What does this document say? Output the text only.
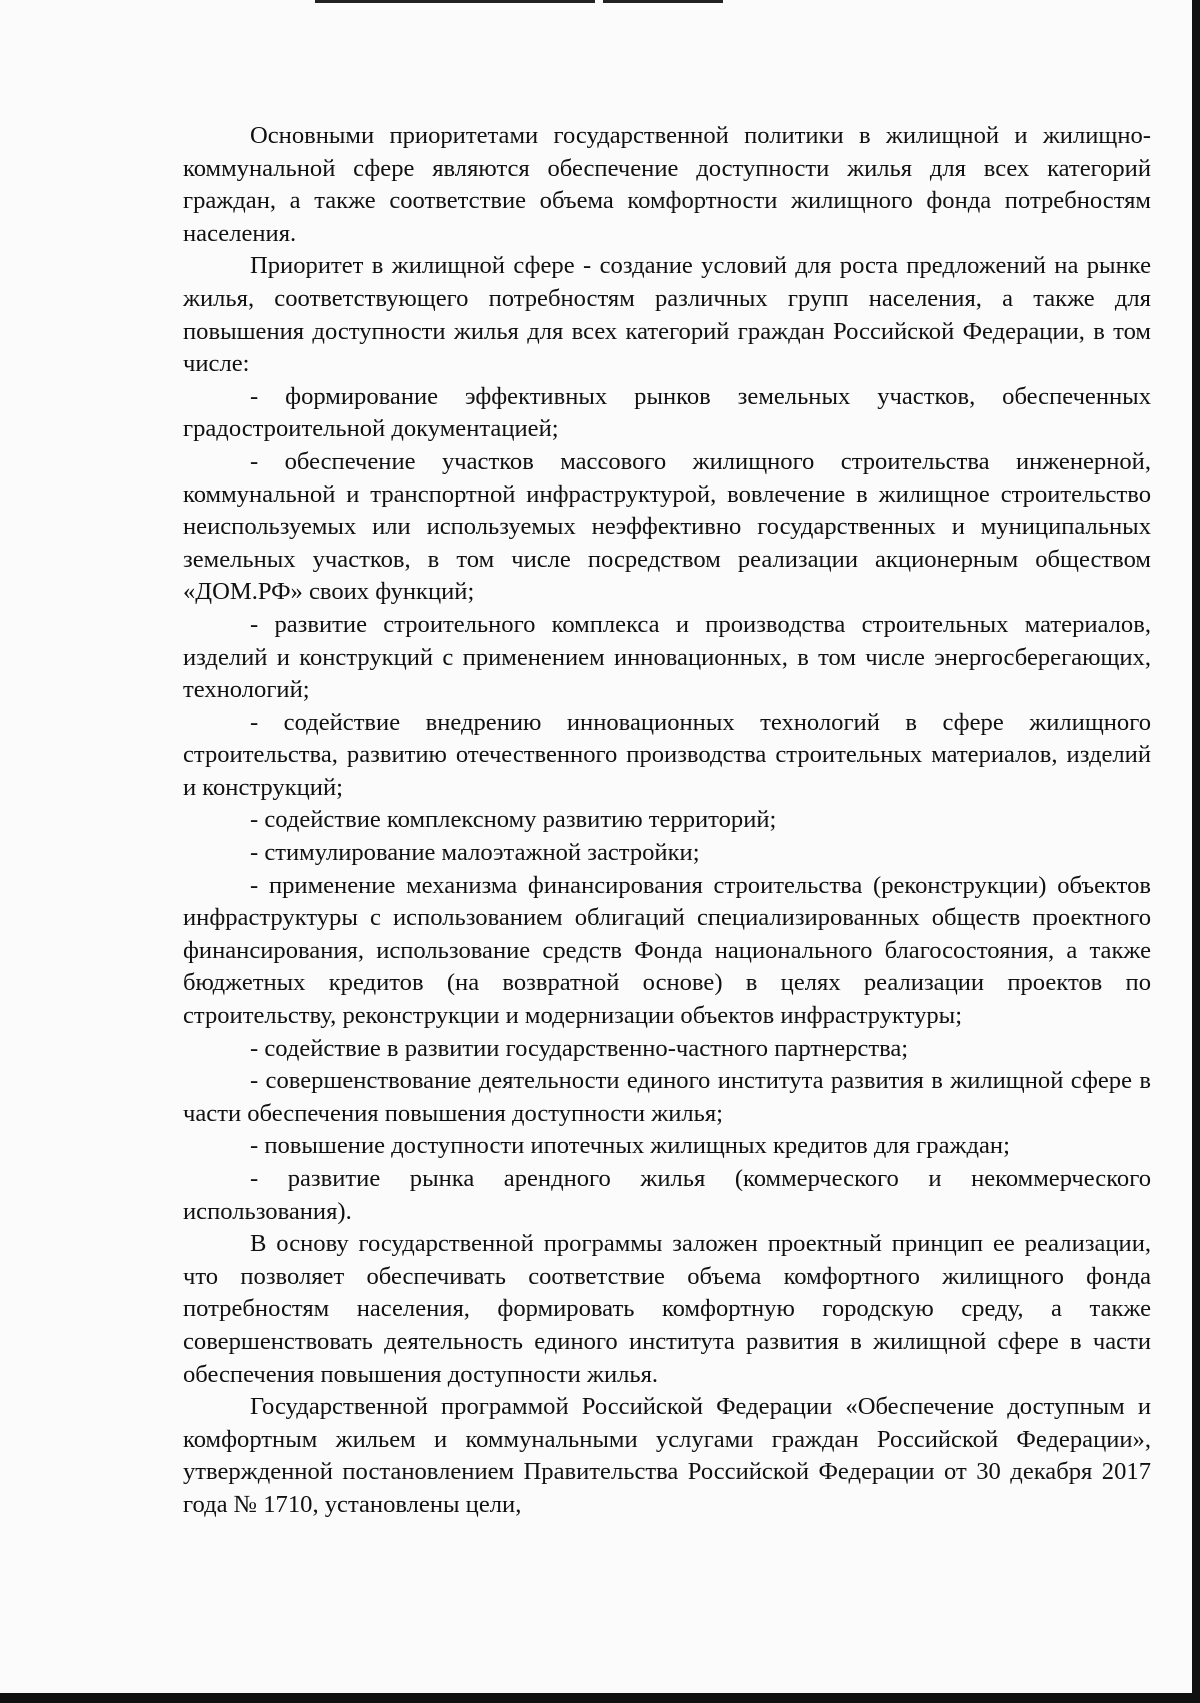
Основными приоритетами государственной политики в жилищной и жилищно-коммунальной сфере являются обеспечение доступности жилья для всех категорий граждан, а также соответствие объема комфортности жилищного фонда потребностям населения.

Приоритет в жилищной сфере - создание условий для роста предложений на рынке жилья, соответствующего потребностям различных групп населения, а также для повышения доступности жилья для всех категорий граждан Российской Федерации, в том числе:

- формирование эффективных рынков земельных участков, обеспеченных градостроительной документацией;

- обеспечение участков массового жилищного строительства инженерной, коммунальной и транспортной инфраструктурой, вовлечение в жилищное строительство неиспользуемых или используемых неэффективно государственных и муниципальных земельных участков, в том числе посредством реализации акционерным обществом «ДОМ.РФ» своих функций;

- развитие строительного комплекса и производства строительных материалов, изделий и конструкций с применением инновационных, в том числе энергосберегающих, технологий;

- содействие внедрению инновационных технологий в сфере жилищного строительства, развитию отечественного производства строительных материалов, изделий и конструкций;

- содействие комплексному развитию территорий;

- стимулирование малоэтажной застройки;

- применение механизма финансирования строительства (реконструкции) объектов инфраструктуры с использованием облигаций специализированных обществ проектного финансирования, использование средств Фонда национального благосостояния, а также бюджетных кредитов (на возвратной основе) в целях реализации проектов по строительству, реконструкции и модернизации объектов инфраструктуры;

- содействие в развитии государственно-частного партнерства;

- совершенствование деятельности единого института развития в жилищной сфере в части обеспечения повышения доступности жилья;

- повышение доступности ипотечных жилищных кредитов для граждан;

- развитие рынка арендного жилья (коммерческого и некоммерческого использования).

В основу государственной программы заложен проектный принцип ее реализации, что позволяет обеспечивать соответствие объема комфортного жилищного фонда потребностям населения, формировать комфортную городскую среду, а также совершенствовать деятельность единого института развития в жилищной сфере в части обеспечения повышения доступности жилья.

Государственной программой Российской Федерации «Обеспечение доступным и комфортным жильем и коммунальными услугами граждан Российской Федерации», утвержденной постановлением Правительства Российской Федерации от 30 декабря 2017 года № 1710, установлены цели,
